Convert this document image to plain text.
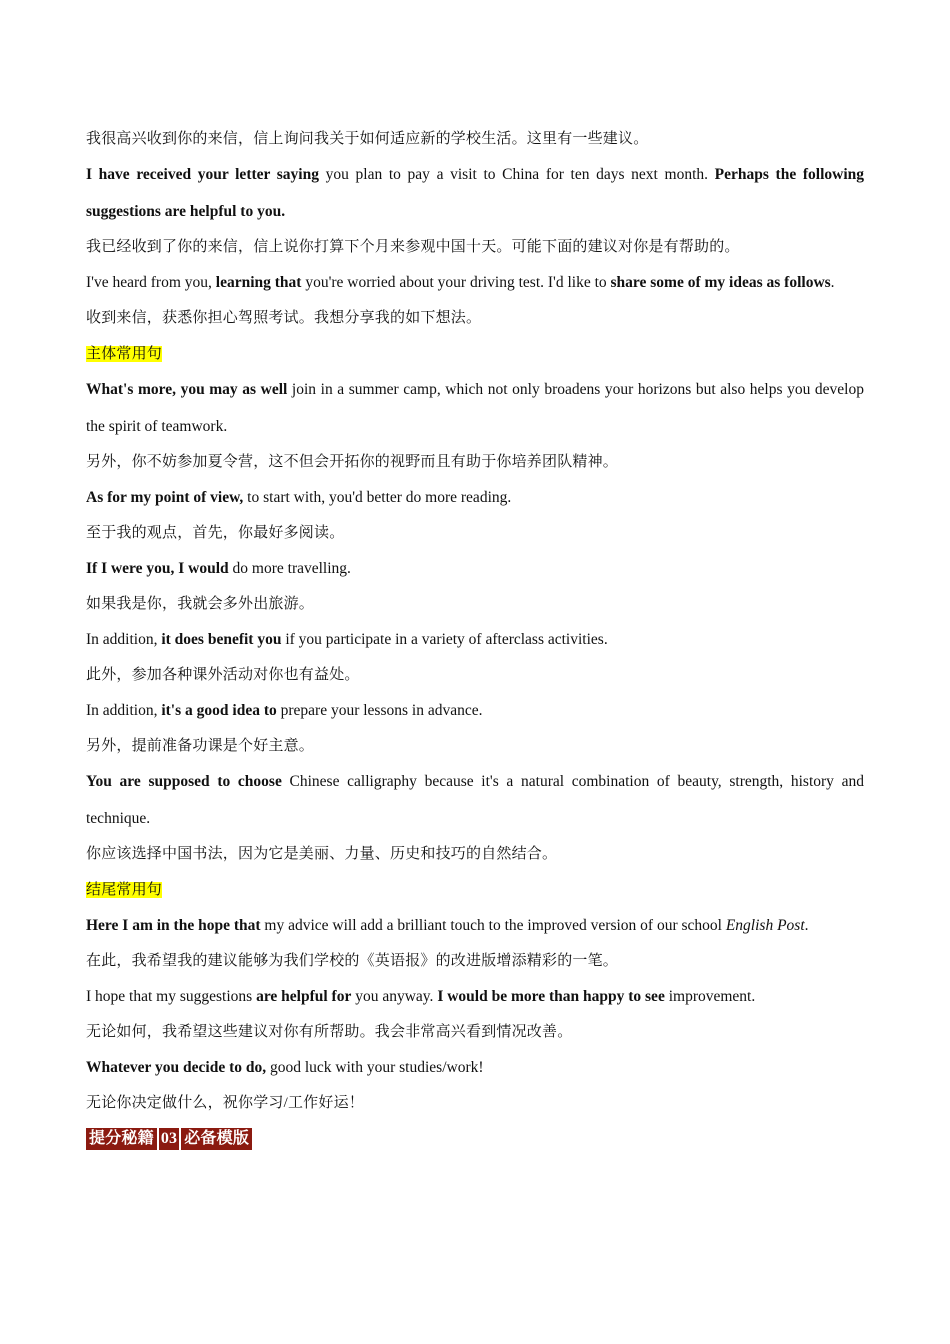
我很高兴收到你的来信，信上询问我关于如何适应新的学校生活。这里有一些建议。

I have received your letter saying you plan to pay a visit to China for ten days next month. Perhaps the following suggestions are helpful to you.

我已经收到了你的来信，信上说你打算下个月来参观中国十天。可能下面的建议对你是有帮助的。

I've heard from you, learning that you're worried about your driving test. I'd like to share some of my ideas as follows.

收到来信，获悉你担心驾照考试。我想分享我的如下想法。

主体常用句

What's more, you may as well join in a summer camp, which not only broadens your horizons but also helps you develop the spirit of teamwork.

另外，你不妨参加夏令营，这不但会开拓你的视野而且有助于你培养团队精神。

As for my point of view, to start with, you'd better do more reading.

至于我的观点，首先，你最好多阅读。

If I were you, I would do more travelling.

如果我是你，我就会多外出旅游。

In addition, it does benefit you if you participate in a variety of afterclass activities.

此外，参加各种课外活动对你也有益处。

In addition, it's a good idea to prepare your lessons in advance.

另外，提前准备功课是个好主意。

You are supposed to choose Chinese calligraphy because it's a natural combination of beauty, strength, history and technique.

你应该选择中国书法，因为它是美丽、力量、历史和技巧的自然结合。

结尾常用句

Here I am in the hope that my advice will add a brilliant touch to the improved version of our school English Post.

在此，我希望我的建议能够为我们学校的《英语报》的改进版增添精彩的一笔。

I hope that my suggestions are helpful for you anyway. I would be more than happy to see improvement.

无论如何，我希望这些建议对你有所帮助。我会非常高兴看到情况改善。

Whatever you decide to do, good luck with your studies/work!

无论你决定做什么，祝你学习/工作好运！

提分秘籍 03 必备模版
